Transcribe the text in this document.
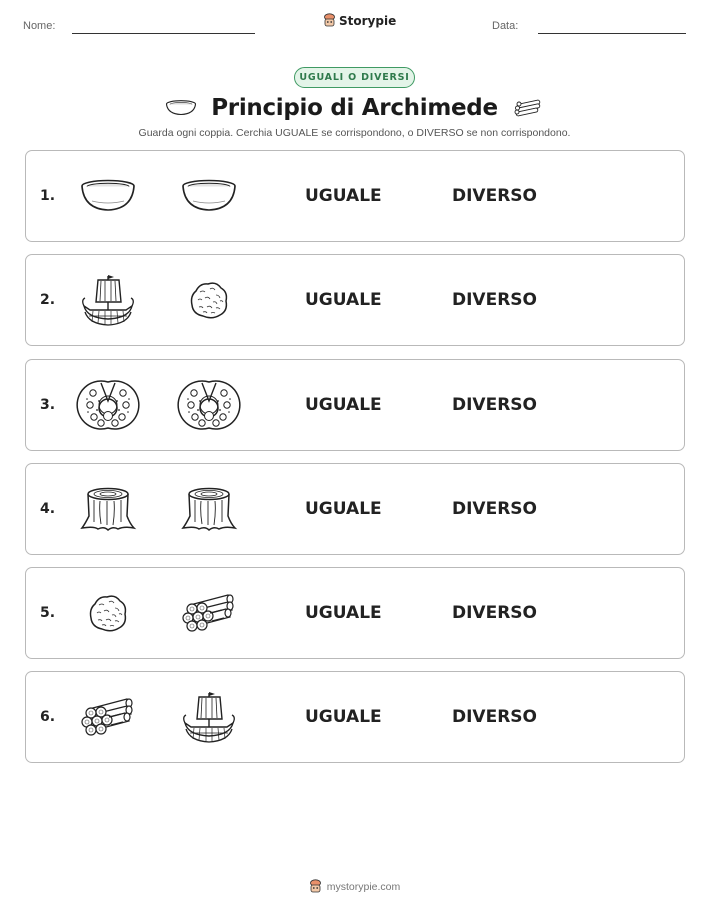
Nome:	Storypie	Data:
UGUALI O DIVERSI
Principio di Archimede
Guarda ogni coppia. Cerchia UGUALE se corrispondono, o DIVERSO se non corrispondono.
1.	UGUALE	DIVERSO
2.	UGUALE	DIVERSO
3.	UGUALE	DIVERSO
4.	UGUALE	DIVERSO
5.	UGUALE	DIVERSO
6.	UGUALE	DIVERSO
mystorypie.com
